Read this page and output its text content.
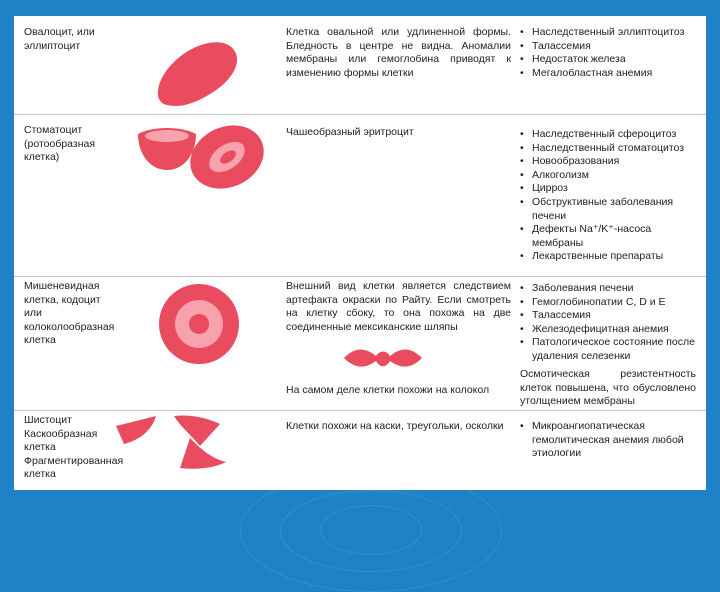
Овалоцит, или эллиптоцит
Клетка овальной или удлиненной формы. Бледность в центре не видна. Аномалии мембраны или гемоглобина приводят к изменению формы клетки
• Наследственный эллиптоцитоз
• Талассемия
• Недостаток железа
• Мегалобластная анемия
Стоматоцит (ротообразная клетка)
Чашеобразный эритроцит	• Наследственный сфероцитоз
• Наследственный стоматоцитоз
• Новообразования
• Алкоголизм
• Цирроз
• Обструктивные заболевания печени
• Дефекты Na⁺/K⁺-насоса мембраны
• Лекарственные препараты
Мишеневидная клетка, кодоцит или колоколообразная клетка
Внешний вид клетки является следствием артефакта окраски по Райту. Если смотреть на клетку сбоку, то она похожа на две соединенные мексиканские шляпы
На самом деле клетки похожи на колокол
• Заболевания печени
• Гемоглобинопатии C, D и E
• Талассемия
• Железодефицитная анемия
• Патологическое состояние после удаления селезенки
Осмотическая резистентность клеток повышена, что обусловлено утолщением мембраны
Шистоцит Каскообразная клетка Фрагментированная клетка
Клетки похожи на каски, треугольки, осколки	• Микроангиопатическая гемолитическая анемия любой этиологии
